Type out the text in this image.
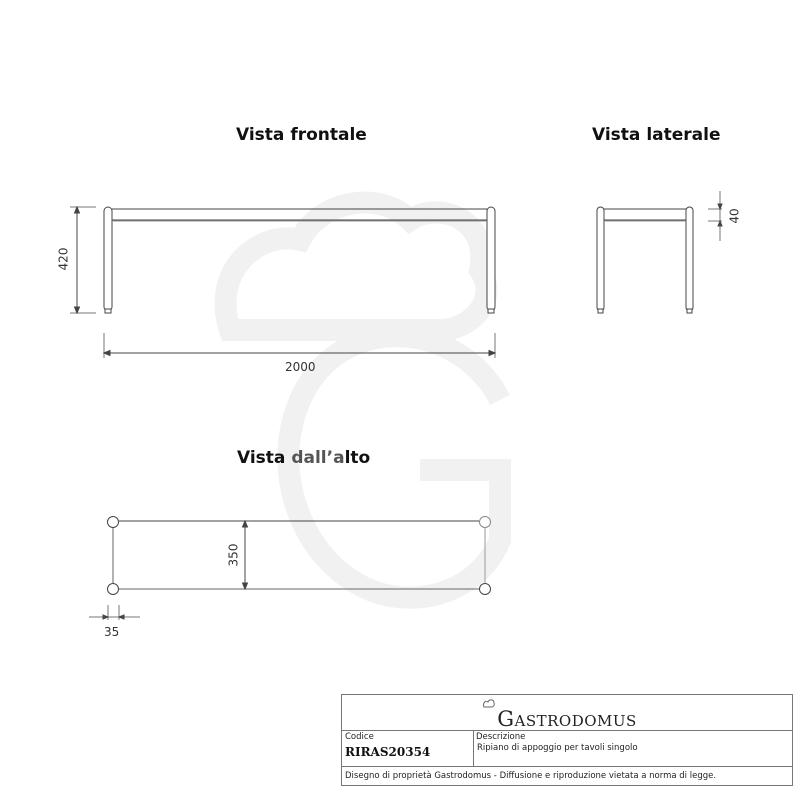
Vista frontale	Vista laterale
Vista dall’alto
420
2000
40
350
35
GASTRODOMUS
Codice
RIRAS20354
Descrizione
Ripiano di appoggio per tavoli singolo
Disegno di proprietà Gastrodomus - Diffusione e riproduzione vietata a norma di legge.
